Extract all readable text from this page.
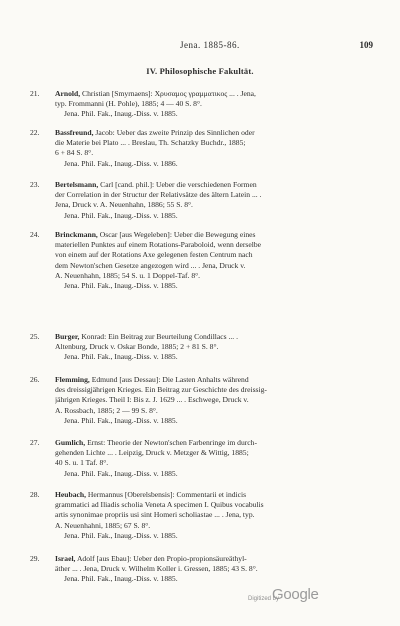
Jena. 1885-86.	109
IV. Philosophische Fakultät.
21. Arnold, Christian [Smyrnaens]: Χρυσαμος γραμματικος ... . Jena,
typ. Frommanni (H. Pohle), 1885; 4 — 40 S. 8°.
Jena. Phil. Fak., Inaug.-Diss. v. 1885.
22. Bassfreund, Jacob: Ueber das zweite Prinzip des Sinnlichen oder
die Materie bei Plato ... . Breslau, Th. Schatzky Buchdr., 1885;
6 + 84 S. 8°.
Jena. Phil. Fak., Inaug.-Diss. v. 1886.
23. Bertelsmann, Carl [cand. phil.]: Ueber die verschiedenen Formen
der Correlation in der Structur der Relativsätze des ältern Latein ... .
Jena, Druck v. A. Neuenhahn, 1886; 55 S. 8°.
Jena. Phil. Fak., Inaug.-Diss. v. 1885.
24. Brinckmann, Oscar [aus Wegeleben]: Ueber die Bewegung eines
materiellen Punktes auf einem Rotations-Paraboloid, wenn derselbe
von einem auf der Rotations Axe gelegenen festen Centrum nach
dem Newton'schen Gesetze angezogen wird ... . Jena, Druck v.
A. Neuenhahn, 1885; 54 S. u. 1 Doppel-Taf. 8°.
Jena. Phil. Fak., Inaug.-Diss. v. 1885.
25. Burger, Konrad: Ein Beitrag zur Beurteilung Condillacs ... .
Altenburg, Druck v. Oskar Bonde, 1885; 2 + 81 S. 8°.
Jena. Phil. Fak., Inaug.-Diss. v. 1885.
26. Flemming, Edmund [aus Dessau]: Die Lasten Anhalts während
des dreissigjährigen Krieges. Ein Beitrag zur Geschichte des dreissig-
jährigen Krieges. Theil I: Bis z. J. 1629 ... . Eschwege, Druck v.
A. Rossbach, 1885; 2 — 99 S. 8°.
Jena. Phil. Fak., Inaug.-Diss. v. 1885.
27. Gumlich, Ernst: Theorie der Newton'schen Farbenringe im durch-
gehenden Lichte ... . Leipzig, Druck v. Metzger & Wittig, 1885;
40 S. u. 1 Taf. 8°.
Jena. Phil. Fak., Inaug.-Diss. v. 1885.
28. Heubach, Hermannus [Oberelsbensis]: Commentarii et indicis
grammatici ad Iliadis scholia Veneta A specimen I. Quibus vocabulis
artis synonimae propriis usi sint Homeri scholiastae ... . Jena, typ.
A. Neuenhahni, 1885; 67 S. 8°.
Jena. Phil. Fak., Inaug.-Diss. v. 1885.
29. Israel, Adolf [aus Ebau]: Ueber den Propio-propionsäureäthyl-
äther ... . Jena, Druck v. Wilhelm Koller i. Gressen, 1885; 43 S. 8°.
Jena. Phil. Fak., Inaug.-Diss. v. 1885.
Digitized by
Google
